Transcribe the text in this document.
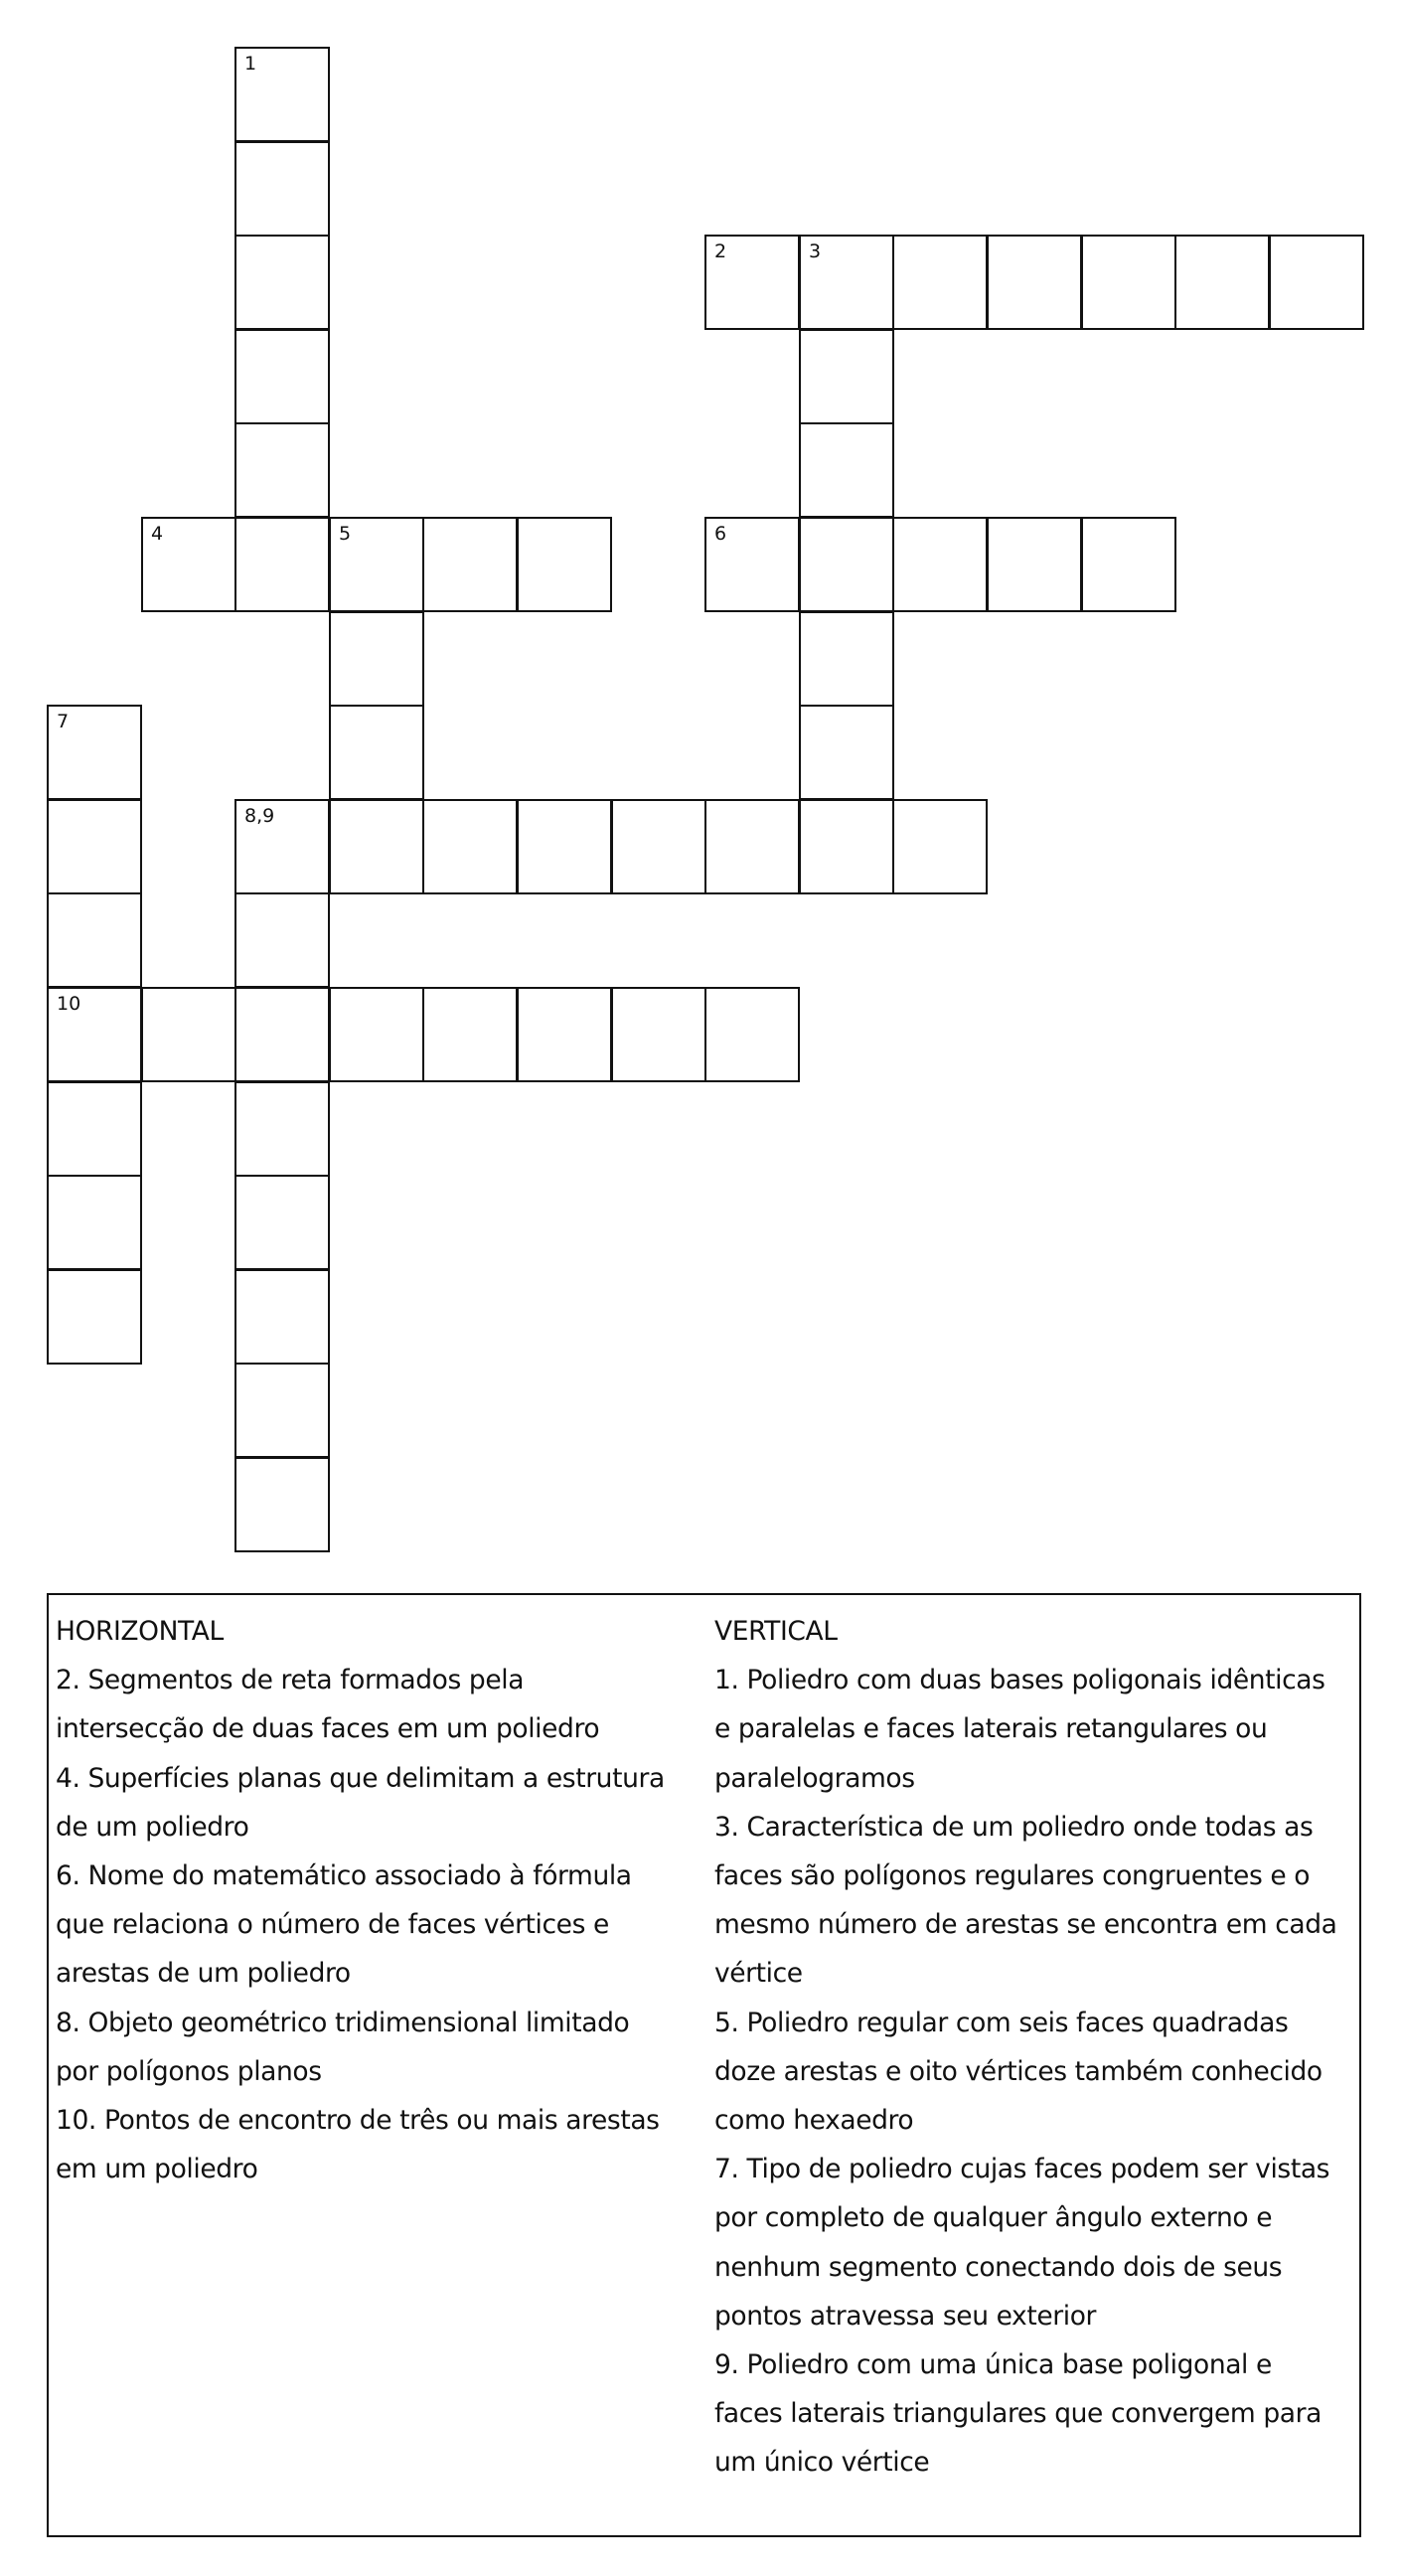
1
2	3
4	5	6
7
8,9
10

HORIZONTAL

2. Segmentos de reta formados pela

intersecção de duas faces em um poliedro

4. Superfícies planas que delimitam a estrutura

de um poliedro

6. Nome do matemático associado à fórmula

que relaciona o número de faces vértices e

arestas de um poliedro

8. Objeto geométrico tridimensional limitado

por polígonos planos

10. Pontos de encontro de três ou mais arestas

em um poliedro

VERTICAL

1. Poliedro com duas bases poligonais idênticas

e paralelas e faces laterais retangulares ou

paralelogramos

3. Característica de um poliedro onde todas as

faces são polígonos regulares congruentes e o

mesmo número de arestas se encontra em cada

vértice

5. Poliedro regular com seis faces quadradas

doze arestas e oito vértices também conhecido

como hexaedro

7. Tipo de poliedro cujas faces podem ser vistas

por completo de qualquer ângulo externo e

nenhum segmento conectando dois de seus

pontos atravessa seu exterior

9. Poliedro com uma única base poligonal e

faces laterais triangulares que convergem para

um único vértice
